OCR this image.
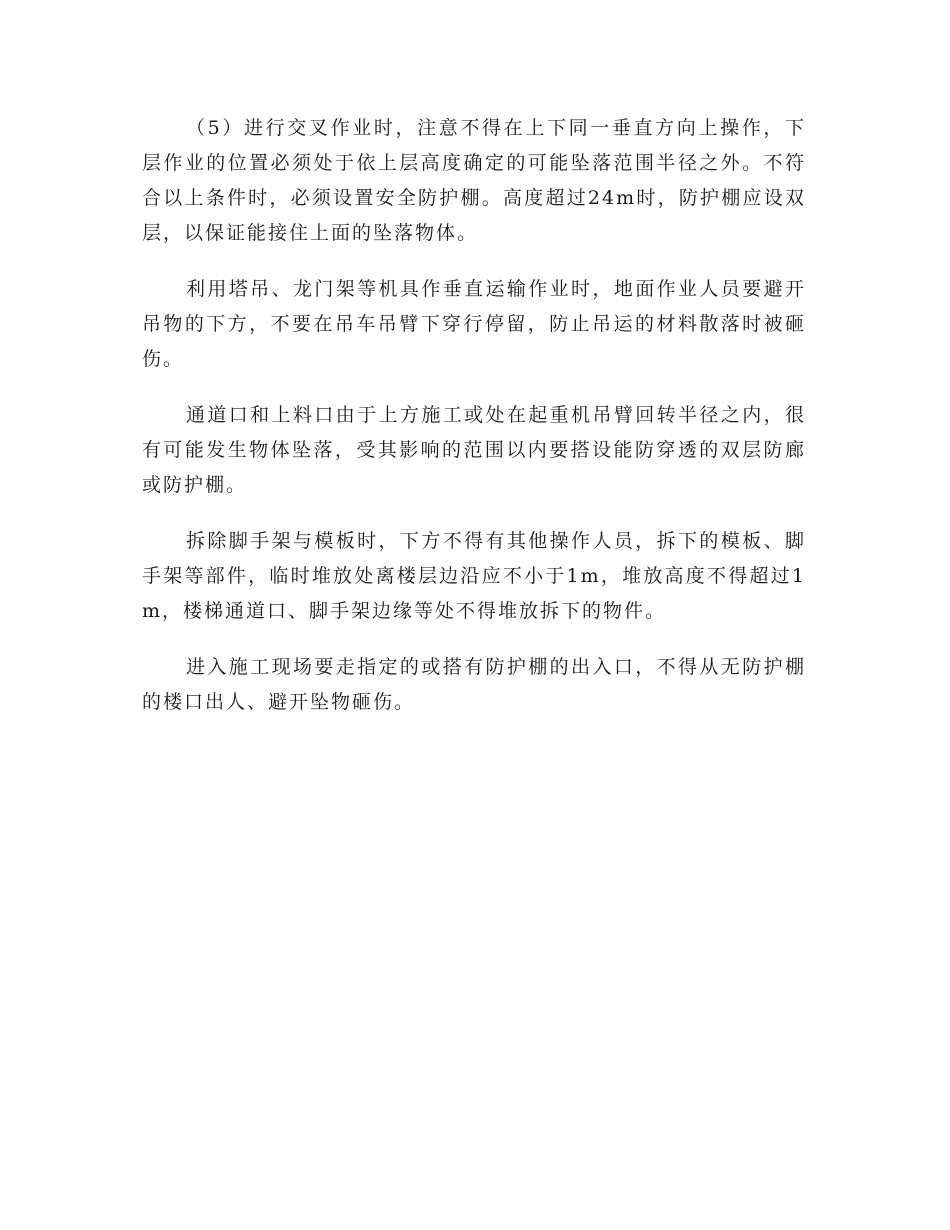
（5）进行交叉作业时，注意不得在上下同一垂直方向上操作，下层作业的位置必须处于依上层高度确定的可能坠落范围半径之外。不符合以上条件时，必须设置安全防护棚。高度超过24m时，防护棚应设双层，以保证能接住上面的坠落物体。

利用塔吊、龙门架等机具作垂直运输作业时，地面作业人员要避开吊物的下方，不要在吊车吊臂下穿行停留，防止吊运的材料散落时被砸伤。

通道口和上料口由于上方施工或处在起重机吊臂回转半径之内，很有可能发生物体坠落，受其影响的范围以内要搭设能防穿透的双层防廊或防护棚。

拆除脚手架与模板时，下方不得有其他操作人员，拆下的模板、脚手架等部件，临时堆放处离楼层边沿应不小于1m，堆放高度不得超过1m，楼梯通道口、脚手架边缘等处不得堆放拆下的物件。

进入施工现场要走指定的或搭有防护棚的出入口，不得从无防护棚的楼口出人、避开坠物砸伤。
